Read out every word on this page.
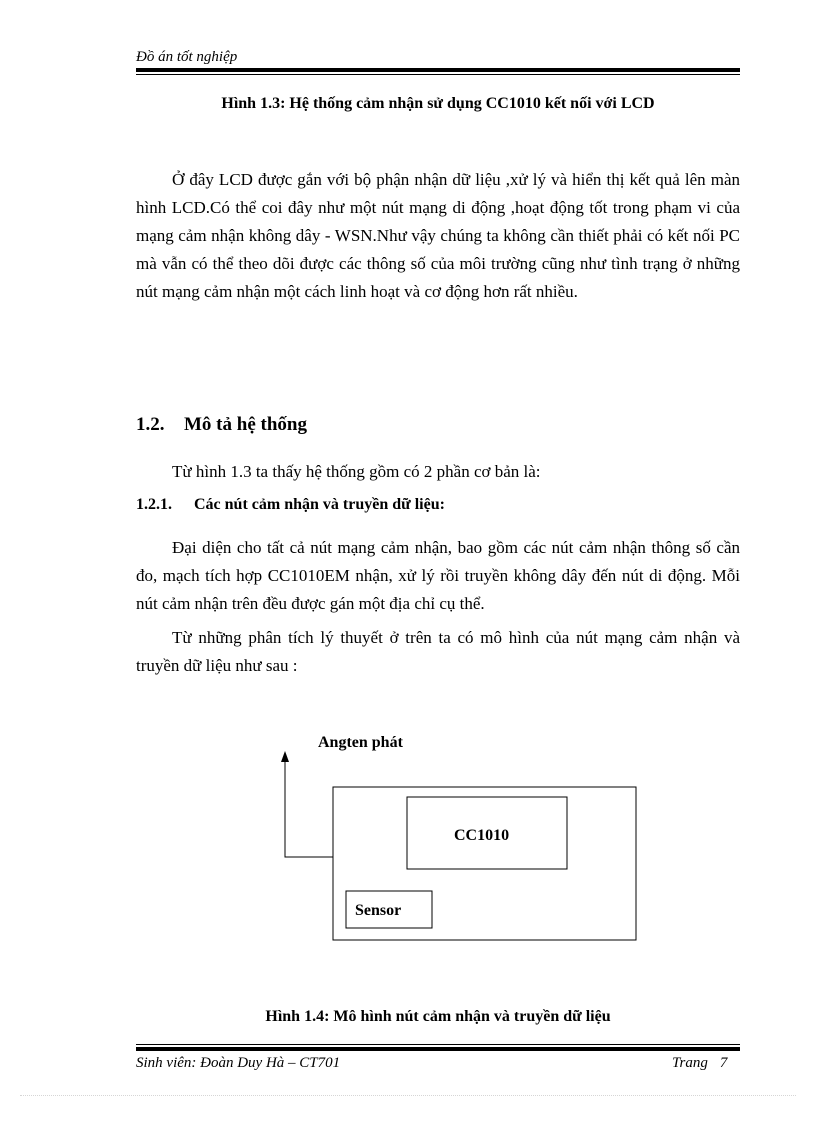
Đồ án tốt nghiệp
Hình 1.3: Hệ thống cảm nhận sử dụng CC1010 kết nối với LCD
Ở đây LCD được gắn với bộ phận nhận dữ liệu ,xử lý và hiển thị kết quả lên màn hình LCD.Có thể coi đây như một nút mạng di động ,hoạt động tốt trong phạm vi của mạng cảm nhận không dây - WSN.Như vậy chúng ta không cần thiết phải có kết nối PC mà vẫn có thể theo dõi được các thông số của môi trường cũng như tình trạng ở những nút mạng cảm nhận một cách linh hoạt và cơ động hơn rất nhiều.
1.2. Mô tả hệ thống
Từ hình 1.3 ta thấy hệ thống gồm có 2 phần cơ bản là:
1.2.1. Các nút cảm nhận và truyền dữ liệu:
Đại diện cho tất cả nút mạng cảm nhận, bao gồm các nút cảm nhận thông số cần đo, mạch tích hợp CC1010EM nhận, xử lý rồi truyền không dây đến nút di động. Mỗi nút cảm nhận trên đều được gán một địa chỉ cụ thể.
Từ những phân tích lý thuyết ở trên ta có mô hình của nút mạng cảm nhận và truyền dữ liệu như sau :
Angten phát
CC1010
Sensor
Hình 1.4: Mô hình nút cảm nhận và truyền dữ liệu
Sinh viên: Đoàn Duy Hà – CT701	Trang 7
